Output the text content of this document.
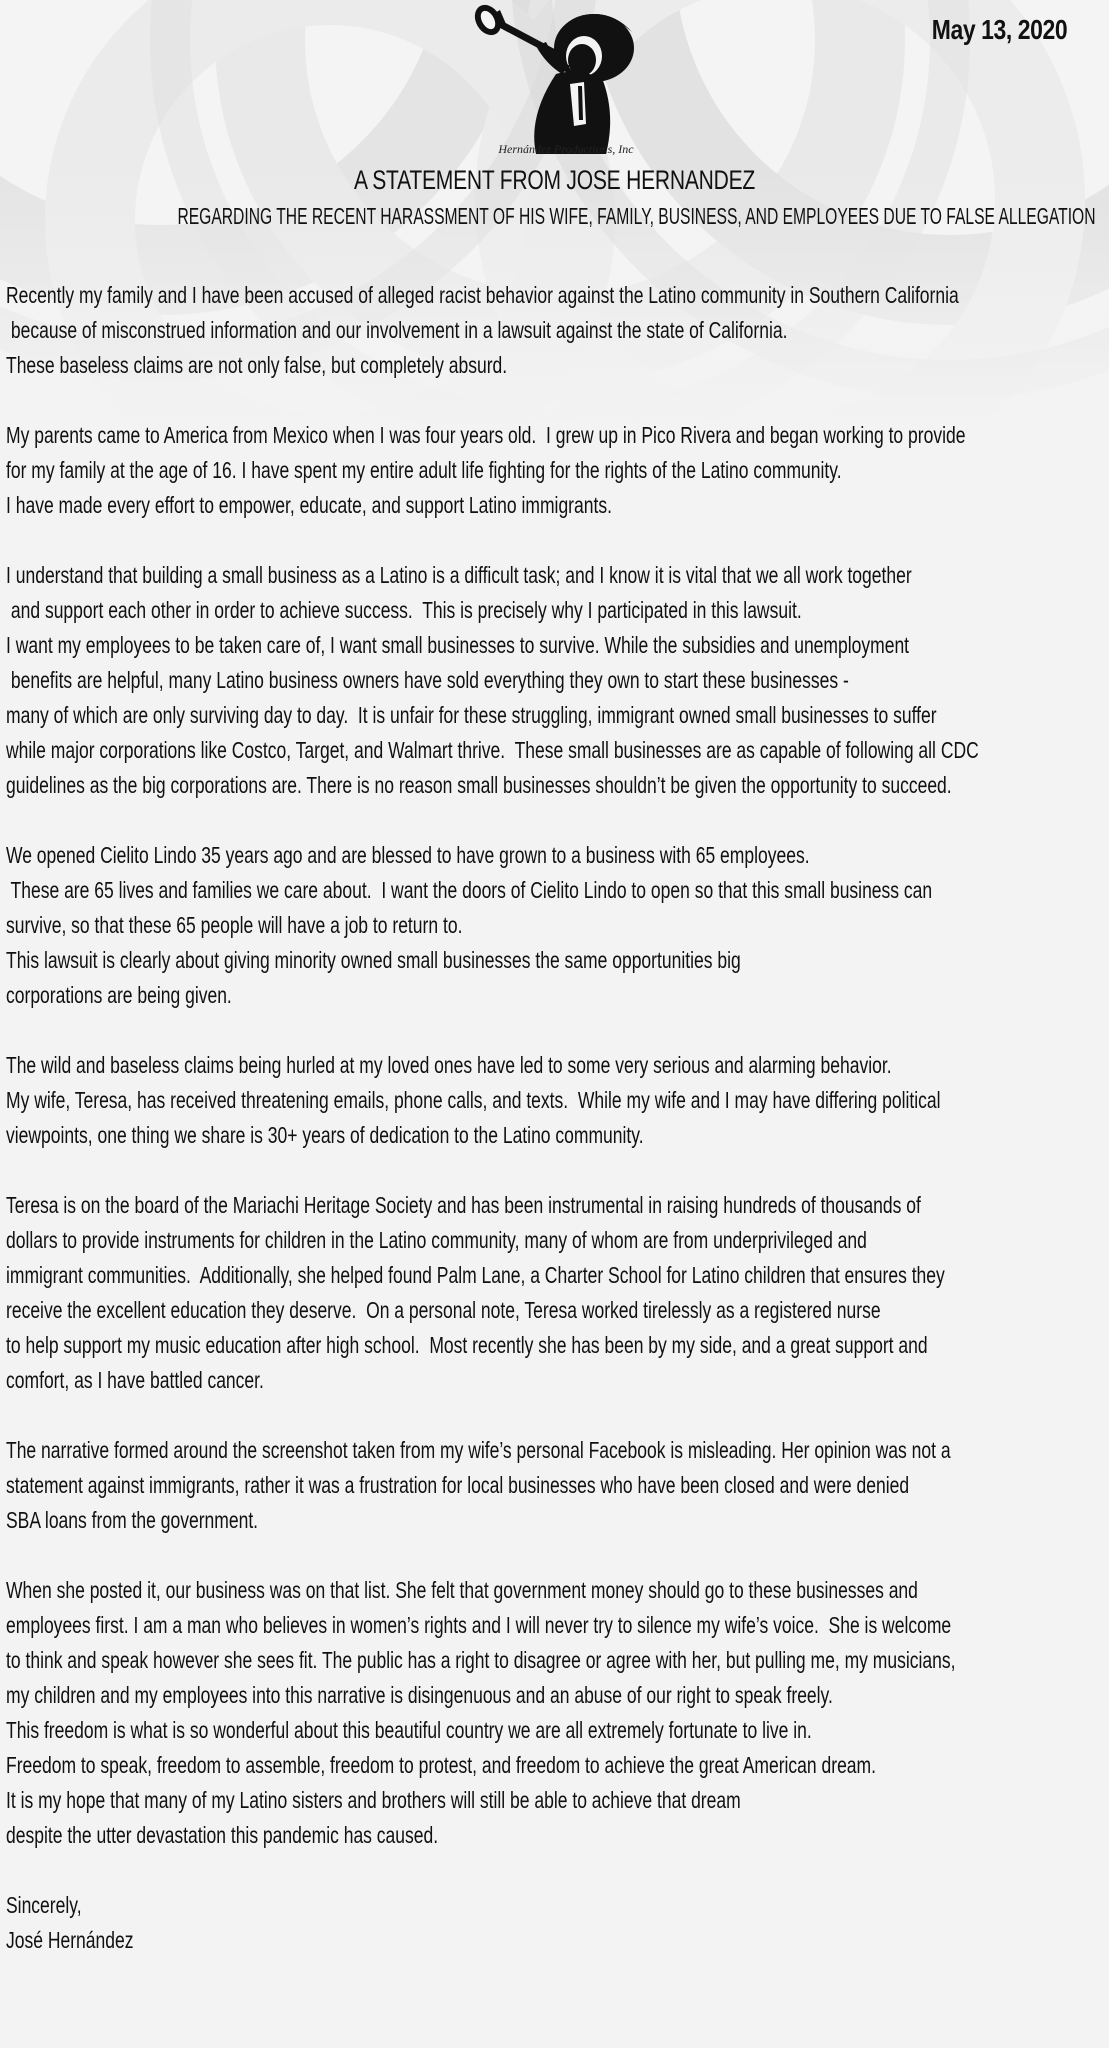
May 13, 2020
Hernández Productions, Inc
A STATEMENT FROM JOSE HERNANDEZ
REGARDING THE RECENT HARASSMENT OF HIS WIFE, FAMILY, BUSINESS, AND EMPLOYEES DUE TO FALSE ALLEGATION
Recently my family and I have been accused of alleged racist behavior against the Latino community in Southern California
because of misconstrued information and our involvement in a lawsuit against the state of California.
These baseless claims are not only false, but completely absurd.
My parents came to America from Mexico when I was four years old.  I grew up in Pico Rivera and began working to provide
for my family at the age of 16. I have spent my entire adult life fighting for the rights of the Latino community.
I have made every effort to empower, educate, and support Latino immigrants.
I understand that building a small business as a Latino is a difficult task; and I know it is vital that we all work together
and support each other in order to achieve success.  This is precisely why I participated in this lawsuit.
I want my employees to be taken care of, I want small businesses to survive. While the subsidies and unemployment
benefits are helpful, many Latino business owners have sold everything they own to start these businesses -
many of which are only surviving day to day.  It is unfair for these struggling, immigrant owned small businesses to suffer
while major corporations like Costco, Target, and Walmart thrive.  These small businesses are as capable of following all CDC
guidelines as the big corporations are. There is no reason small businesses shouldn’t be given the opportunity to succeed.
We opened Cielito Lindo 35 years ago and are blessed to have grown to a business with 65 employees.
These are 65 lives and families we care about.  I want the doors of Cielito Lindo to open so that this small business can
survive, so that these 65 people will have a job to return to.
This lawsuit is clearly about giving minority owned small businesses the same opportunities big
corporations are being given.
The wild and baseless claims being hurled at my loved ones have led to some very serious and alarming behavior.
My wife, Teresa, has received threatening emails, phone calls, and texts.  While my wife and I may have differing political
viewpoints, one thing we share is 30+ years of dedication to the Latino community.
Teresa is on the board of the Mariachi Heritage Society and has been instrumental in raising hundreds of thousands of
dollars to provide instruments for children in the Latino community, many of whom are from underprivileged and
immigrant communities.  Additionally, she helped found Palm Lane, a Charter School for Latino children that ensures they
receive the excellent education they deserve.  On a personal note, Teresa worked tirelessly as a registered nurse
to help support my music education after high school.  Most recently she has been by my side, and a great support and
comfort, as I have battled cancer.
The narrative formed around the screenshot taken from my wife’s personal Facebook is misleading. Her opinion was not a
statement against immigrants, rather it was a frustration for local businesses who have been closed and were denied
SBA loans from the government.
When she posted it, our business was on that list. She felt that government money should go to these businesses and
employees first. I am a man who believes in women’s rights and I will never try to silence my wife’s voice.  She is welcome
to think and speak however she sees fit. The public has a right to disagree or agree with her, but pulling me, my musicians,
my children and my employees into this narrative is disingenuous and an abuse of our right to speak freely.
This freedom is what is so wonderful about this beautiful country we are all extremely fortunate to live in.
Freedom to speak, freedom to assemble, freedom to protest, and freedom to achieve the great American dream.
It is my hope that many of my Latino sisters and brothers will still be able to achieve that dream
despite the utter devastation this pandemic has caused.
Sincerely,
José Hernández
